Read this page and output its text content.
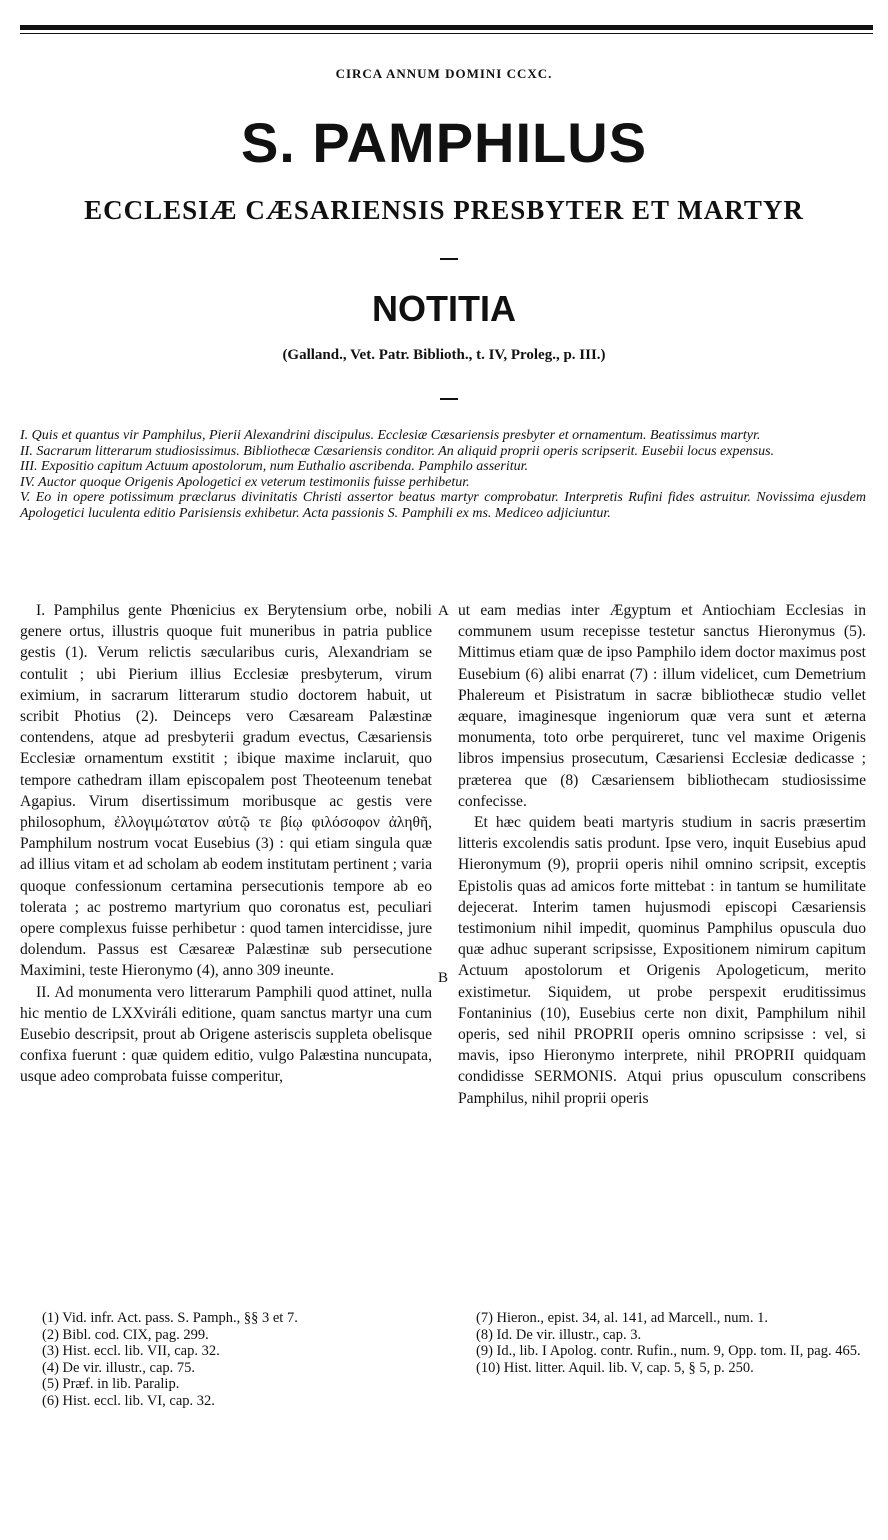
CIRCA ANNUM DOMINI CCXC.
S. PAMPHILUS
ECCLESIÆ CÆSARIENSIS PRESBYTER ET MARTYR
NOTITIA
(Galland., Vet. Patr. Biblioth., t. IV, Proleg., p. III.)

I. Quis et quantus vir Pamphilus, Pierii Alexandrini discipulus. Ecclesiæ Cæsariensis presbyter et ornamentum. Beatissimus martyr.

II. Sacrarum litterarum studiosissimus. Bibliothecæ Cæsariensis conditor. An aliquid proprii operis scripserit. Eusebii locus expensus.

III. Expositio capitum Actuum apostolorum, num Euthalio ascribenda. Pamphilo asseritur.

IV. Auctor quoque Origenis Apologetici ex veterum testimoniis fuisse perhibetur.

V. Eo in opere potissimum præclarus divinitatis Christi assertor beatus martyr comprobatur. Interpretis Rufini fides astruitur. Novissima ejusdem Apologetici luculenta editio Parisiensis exhibetur. Acta passionis S. Pamphili ex ms. Mediceo adjiciuntur.

I. Pamphilus gente Phœnicius ex Berytensium orbe, nobili genere ortus, illustris quoque fuit muneribus in patria publice gestis (1). Verum relictis sæcularibus curis, Alexandriam se contulit ; ubi Pierium illius Ecclesiæ presbyterum, virum eximium, in sacrarum litterarum studio doctorem habuit, ut scribit Photius (2). Deinceps vero Cæsaream Palæstinæ contendens, atque ad presbyterii gradum evectus, Cæsariensis Ecclesiæ ornamentum exstitit ; ibique maxime inclaruit, quo tempore cathedram illam episcopalem post Theoteenum tenebat Agapius. Virum disertissimum moribusque ac gestis vere philosophum, ἐλλογιμώτατον αὐτῷ τε βίῳ φιλόσοφον ἀληθῆ, Pamphilum nostrum vocat Eusebius (3) : qui etiam singula quæ ad illius vitam et ad scholam ab eodem institutam pertinent ; varia quoque confessionum certamina persecutionis tempore ab eo tolerata ; ac postremo martyrium quo coronatus est, peculiari opere complexus fuisse perhibetur : quod tamen intercidisse, jure dolendum. Passus est Cæsareæ Palæstinæ sub persecutione Maximini, teste Hieronymo (4), anno 309 ineunte.

II. Ad monumenta vero litterarum Pamphili quod attinet, nulla hic mentio de LXXviráli editione, quam sanctus martyr una cum Eusebio descripsit, prout ab Origene asteriscis suppleta obelisque confixa fuerunt : quæ quidem editio, vulgo Palæstina nuncupata, usque adeo comprobata fuisse comperitur,

A
B

ut eam medias inter Ægyptum et Antiochiam Ecclesias in communem usum recepisse testetur sanctus Hieronymus (5). Mittimus etiam quæ de ipso Pamphilo idem doctor maximus post Eusebium (6) alibi enarrat (7) : illum videlicet, cum Demetrium Phalereum et Pisistratum in sacræ bibliothecæ studio vellet æquare, imaginesque ingeniorum quæ vera sunt et æterna monumenta, toto orbe perquireret, tunc vel maxime Origenis libros impensius prosecutum, Cæsariensi Ecclesiæ dedicasse ; præterea que (8) Cæsariensem bibliothecam studiosissime confecisse.

Et hæc quidem beati martyris studium in sacris præsertim litteris excolendis satis produnt. Ipse vero, inquit Eusebius apud Hieronymum (9), proprii operis nihil omnino scripsit, exceptis Epistolis quas ad amicos forte mittebat : in tantum se humilitate dejecerat. Interim tamen hujusmodi episcopi Cæsariensis testimonium nihil impedit, quominus Pamphilus opuscula duo quæ adhuc superant scripsisse, Expositionem nimirum capitum Actuum apostolorum et Origenis Apologeticum, merito existimetur. Siquidem, ut probe perspexit eruditissimus Fontaninius (10), Eusebius certe non dixit, Pamphilum nihil operis, sed nihil PROPRII operis omnino scripsisse : vel, si mavis, ipso Hieronymo interprete, nihil PROPRII quidquam condidisse SERMONIS. Atqui prius opusculum conscribens Pamphilus, nihil proprii operis

(1) Vid. infr. Act. pass. S. Pamph., §§ 3 et 7.
(2) Bibl. cod. CIX, pag. 299.
(3) Hist. eccl. lib. VII, cap. 32.
(4) De vir. illustr., cap. 75.
(5) Præf. in lib. Paralip.
(6) Hist. eccl. lib. VI, cap. 32.
(7) Hieron., epist. 34, al. 141, ad Marcell., num. 1.
(8) Id. De vir. illustr., cap. 3.
(9) Id., lib. I Apolog. contr. Rufin., num. 9, Opp. tom. II, pag. 465.
(10) Hist. litter. Aquil. lib. V, cap. 5, § 5, p. 250.
